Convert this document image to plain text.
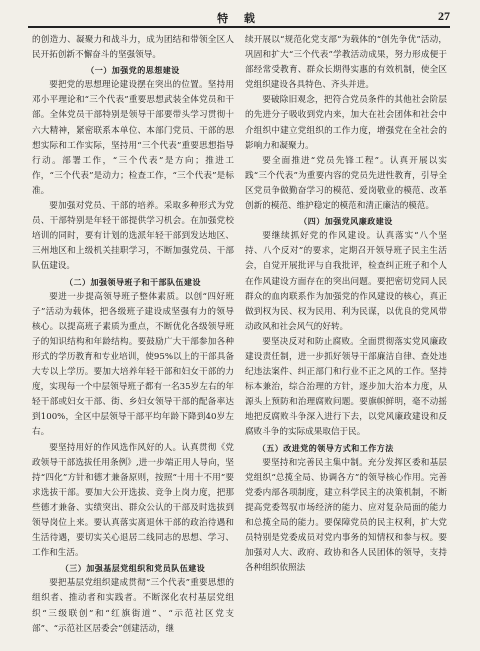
特 载	27

的创造力、凝聚力和战斗力，成为团结和带领全区人民开拓创新不懈奋斗的坚强领导。

（一）加强党的思想建设

要把党的思想理论建设摆在突出的位置。坚持用邓小平理论和“三个代表”重要思想武装全体党员和干部。全体党员干部特别是领导干部要带头学习贯彻十六大精神，紧密联系本单位、本部门党员、干部的思想实际和工作实际，坚持用“三个代表”重要思想指导行动。部署工作，“三个代表”是方向；推进工作，“三个代表”是动力；检查工作，“三个代表”是标准。

要加强对党员、干部的培养。采取多种形式为党员、干部特别是年轻干部提供学习机会。在加强党校培训的同时，要有计划的选派年轻干部到发达地区、三州地区和上级机关挂职学习，不断加强党员、干部队伍建设。

（二）加强领导班子和干部队伍建设

要进一步提高领导班子整体素质。以创“四好班子”活动为载体，把各级班子建设成坚强有力的领导核心。以提高班子素质为重点，不断优化各级领导班子的知识结构和年龄结构。要鼓励广大干部参加各种形式的学历教育和专业培训，使95%以上的干部具备大专以上学历。要加大培养年轻干部和妇女干部的力度，实现每一个中层领导班子都有一名35岁左右的年轻干部或妇女干部、街、乡妇女领导干部的配备率达到100%，全区中层领导干部平均年龄下降到40岁左右。

要坚持用好的作风选作风好的人。认真贯彻《党政领导干部选拔任用条例》,进一步端正用人导向，坚持“四化”方针和德才兼备原则，按照“十用十不用”要求选拔干部。要加大公开选拔、竞争上岗力度，把那些德才兼备、实绩突出、群众公认的干部及时选拔到领导岗位上来。要认真落实离退休干部的政治待遇和生活待遇，要切实关心退居二线同志的思想、学习、工作和生活。

（三）加强基层党组织和党员队伍建设

要把基层党组织建成贯彻“三个代表”重要思想的组织者、推动者和实践者。不断深化农村基层党组织“三级联创”和“红旗街道”、“示范社区党支部”、“示范社区居委会”创建活动，继

续开展以“规范化党支部”为载体的“创先争优”活动，巩固和扩大“三个代表”学教活动成果，努力形成便于部经常受教育、群众长期得实惠的有效机制，使全区党组织建设各具特色、齐头并进。

要破除旧观念，把符合党员条件的其他社会阶层的先进分子吸收到党内来，加大在社会团体和社会中介组织中建立党组织的工作力度，增强党在全社会的影响力和凝聚力。

要全面推进“党员先锋工程”。认真开展以实践“三个代表”为重要内容的党员先进性教育，引导全区党员争做勤奋学习的模范、爱岗敬业的模范、改革创新的模范、维护稳定的模范和清正廉洁的模范。

（四）加强党风廉政建设

要继续抓好党的作风建设。认真落实“八个坚持、八个反对”的要求，定期召开领导班子民主生活会，自觉开展批评与自我批评，检查纠正班子和个人在作风建设方面存在的突出问题。要把密切党同人民群众的血肉联系作为加强党的作风建设的核心，真正做到权为民、权为民用、利为民谋，以优良的党风带动政风和社会风气的好转。

要坚决反对和防止腐败。全面贯彻落实党风廉政建设责任制，进一步抓好领导干部廉洁自律、查处违纪违法案件、纠正部门和行业不正之风的工作。坚持标本兼治，综合治理的方针，逐步加大治本力度，从源头上预防和治理腐败问题。要旗帜鲜明，毫不动摇地把反腐败斗争深入进行下去，以党风廉政建设和反腐败斗争的实际成果取信于民。

（五）改进党的领导方式和工作方法

要坚持和完善民主集中制。充分发挥区委和基层党组织“总揽全局、协调各方”的领导核心作用。完善党委内部各项制度，建立科学民主的决策机制，不断提高党委驾驭市场经济的能力、应对复杂局面的能力和总揽全局的能力。要保障党员的民主权利，扩大党员特别是党委成员对党内事务的知情权和参与权。要加强对人大、政府、政协和各人民团体的领导，支持各种组织依照法
